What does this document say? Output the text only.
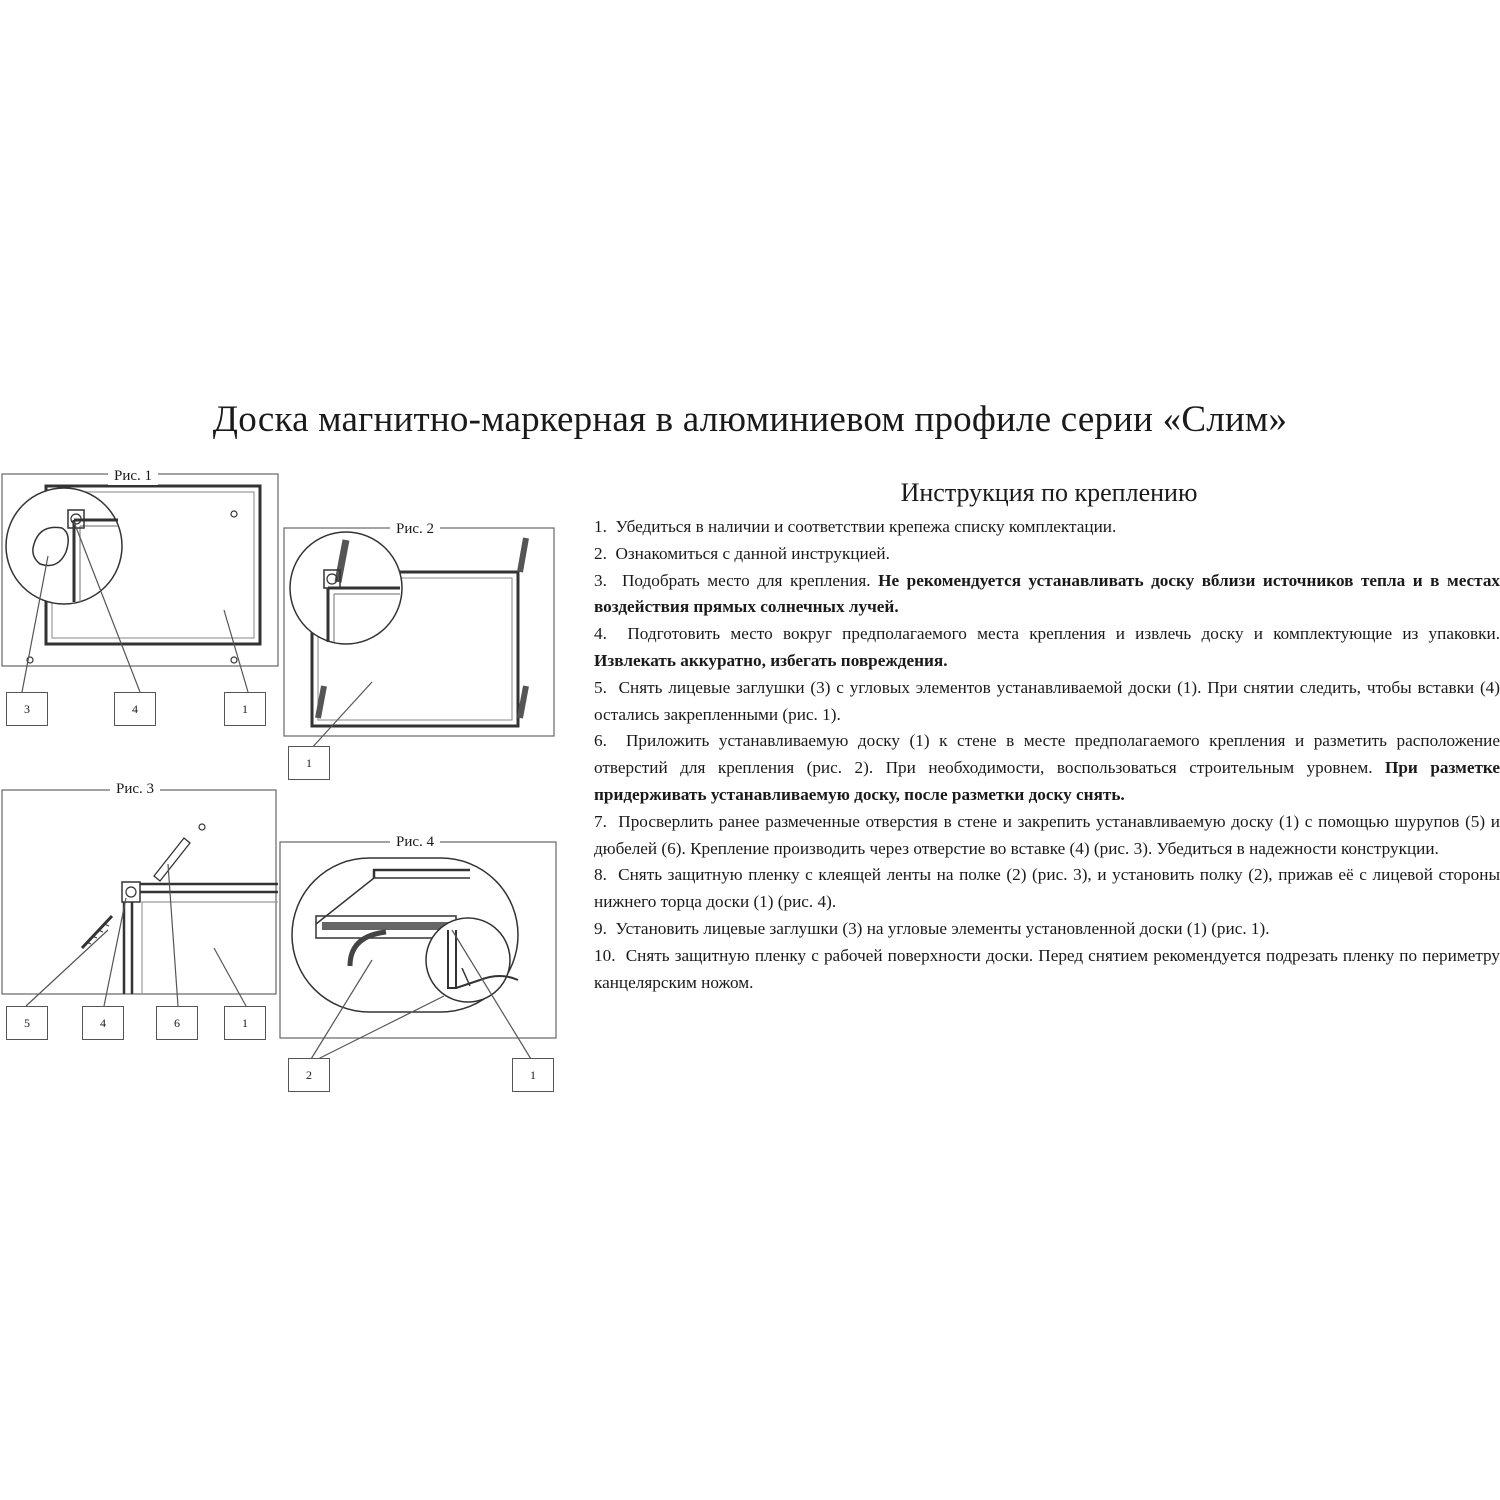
Доска магнитно-маркерная в алюминиевом профиле серии «Слим»
Рис. 1
Рис. 2
Рис. 3
Рис. 4
3	4	1
1
5	4	6	1
2	1
Инструкция по креплению
1. Убедиться в наличии и соответствии крепежа списку комплектации.
2. Ознакомиться с данной инструкцией.
3. Подобрать место для крепления. Не рекомендуется устанавливать доску вблизи источников тепла и в местах воздействия прямых солнечных лучей.
4. Подготовить место вокруг предполагаемого места крепления и извлечь доску и комплектующие из упаковки. Извлекать аккуратно, избегать повреждения.
5. Снять лицевые заглушки (3) с угловых элементов устанавливаемой доски (1). При снятии следить, чтобы вставки (4) остались закрепленными (рис. 1).
6. Приложить устанавливаемую доску (1) к стене в месте предполагаемого крепления и разметить расположение отверстий для крепления (рис. 2). При необходимости, воспользоваться строительным уровнем. При разметке придерживать устанавливаемую доску, после разметки доску снять.
7. Просверлить ранее размеченные отверстия в стене и закрепить устанавливаемую доску (1) с помощью шурупов (5) и дюбелей (6). Крепление производить через отверстие во вставке (4) (рис. 3). Убедиться в надежности конструкции.
8. Снять защитную пленку с клеящей ленты на полке (2) (рис. 3), и установить полку (2), прижав её с лицевой стороны нижнего торца доски (1) (рис. 4).
9. Установить лицевые заглушки (3) на угловые элементы установленной доски (1) (рис. 1).
10. Снять защитную пленку с рабочей поверхности доски. Перед снятием рекомендуется подрезать пленку по периметру канцелярским ножом.
